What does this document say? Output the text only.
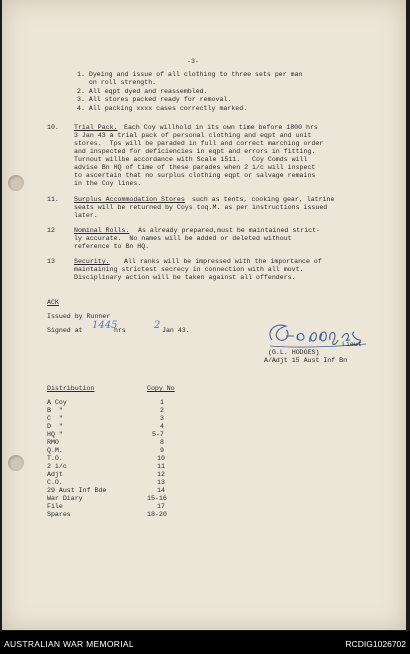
-3-
1. Dyeing and issue of all clothing to three sets per man
on roll strength.
2. All eqpt dyed and reassembled.
3. All stores packed ready for removal.
4. All packing xxxx cases correctly marked.
10. Trial Pack. Each Coy willhold in its own time before 1800 hrs
3 Jan 43 a trial pack of personal clothing and eqpt and unit
stores.  Tps will be paraded in full and correct marching order
and inspected for deficiencies in eqpt and errors in fitting.
Turnout willbe accordance with Scale 1511.   Coy Comds will
advise Bn HQ of time of these parades when 2 i/c will inspect
to ascertain that no surplus clothing eqpt or salvage remains
in the Coy lines.
11. Surplus Accommodation Stores such as tents, cooking gear, latrine
seats will be returned by Coys toq.M. as per instructions issued
later.
12	Nominal Rolls. As already prepared,must be maintained strict-
ly accurate.  No names will be added or deleted without
reference to Bn HQ.
13	Security. All ranks will be impressed with the importance of
maintaining strictest secrecy in connection with all movt.
Disciplinary action will be taken against all offenders.
ACK
Issued by Runner
Signed at 1445
hrs	2 Jan 43.
Lieut
(G.L. HODGES)
A/Adjt 15 Aust Inf Bn
Distribution	Copy No
A Coy	1
B  "	2
C  "	3
D  "	4
HQ "	5-7
RMO	8
Q.M.	9
T.O.	10
2 i/c	11
Adjt	12
C.O.	13
29 Aust Inf Bde	14
War Diary	15-16
File	17
Spares	18-20
AUSTRALIAN WAR MEMORIAL	RCDIG1026702
